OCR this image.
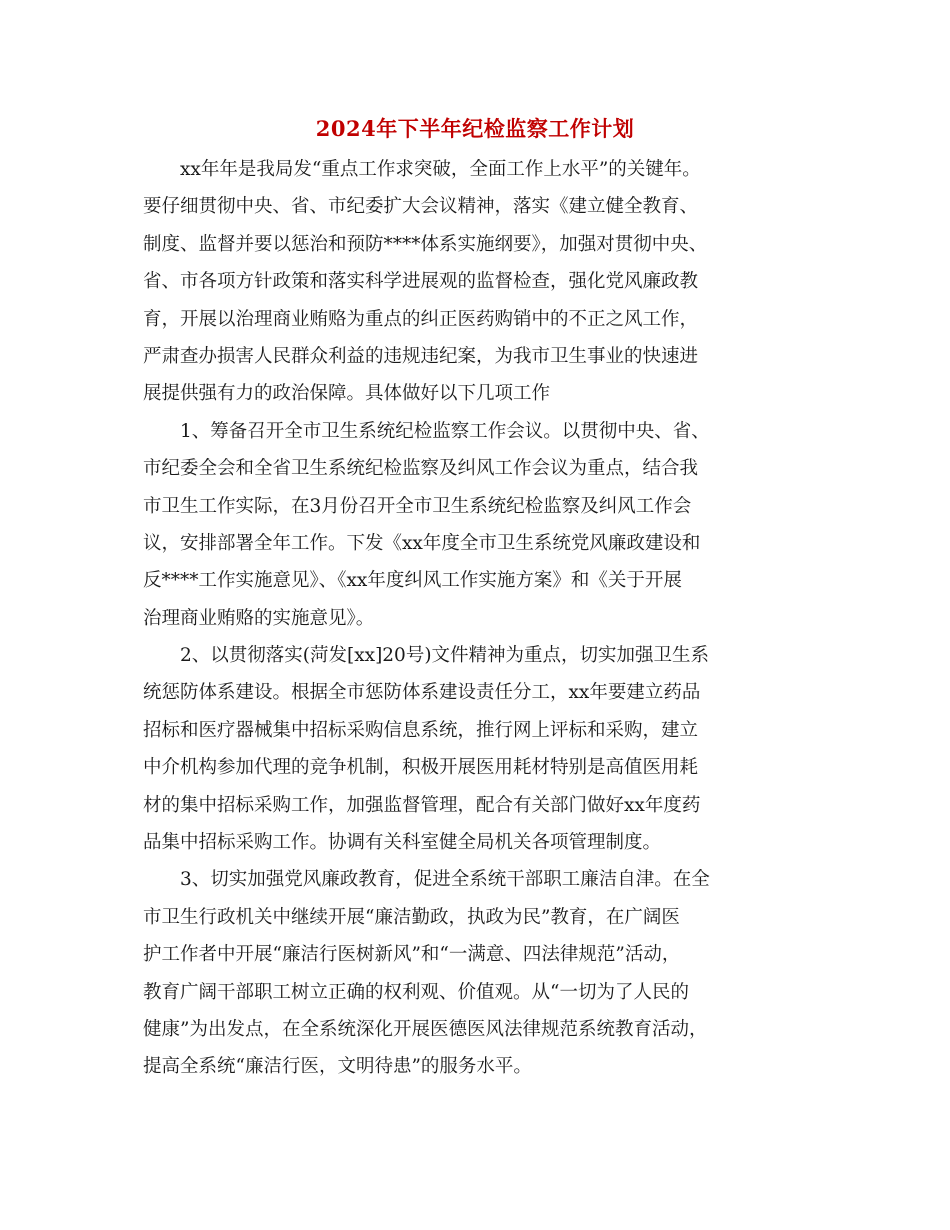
2024年下半年纪检监察工作计划
xx年年是我局发“重点工作求突破，全面工作上水平”的关键年。
要仔细贯彻中央、省、市纪委扩大会议精神，落实《建立健全教育、
制度、监督并要以惩治和预防****体系实施纲要》，加强对贯彻中央、
省、市各项方针政策和落实科学进展观的监督检查，强化党风廉政教
育，开展以治理商业贿赂为重点的纠正医药购销中的不正之风工作，
严肃查办损害人民群众利益的违规违纪案，为我市卫生事业的快速进
展提供强有力的政治保障。具体做好以下几项工作
1、筹备召开全市卫生系统纪检监察工作会议。以贯彻中央、省、
市纪委全会和全省卫生系统纪检监察及纠风工作会议为重点，结合我
市卫生工作实际，在3月份召开全市卫生系统纪检监察及纠风工作会
议，安排部署全年工作。下发《xx年度全市卫生系统党风廉政建设和
反****工作实施意见》、《xx年度纠风工作实施方案》和《关于开展
治理商业贿赂的实施意见》。
2、以贯彻落实(菏发[xx]20号)文件精神为重点，切实加强卫生系
统惩防体系建设。根据全市惩防体系建设责任分工，xx年要建立药品
招标和医疗器械集中招标采购信息系统，推行网上评标和采购，建立
中介机构参加代理的竞争机制，积极开展医用耗材特别是高值医用耗
材的集中招标采购工作，加强监督管理，配合有关部门做好xx年度药
品集中招标采购工作。协调有关科室健全局机关各项管理制度。
3、切实加强党风廉政教育，促进全系统干部职工廉洁自津。在全
市卫生行政机关中继续开展“廉洁勤政，执政为民”教育，在广阔医
护工作者中开展“廉洁行医树新风”和“一满意、四法律规范”活动，
教育广阔干部职工树立正确的权利观、价值观。从“一切为了人民的
健康”为出发点，在全系统深化开展医德医风法律规范系统教育活动，
提高全系统“廉洁行医，文明待患”的服务水平。
